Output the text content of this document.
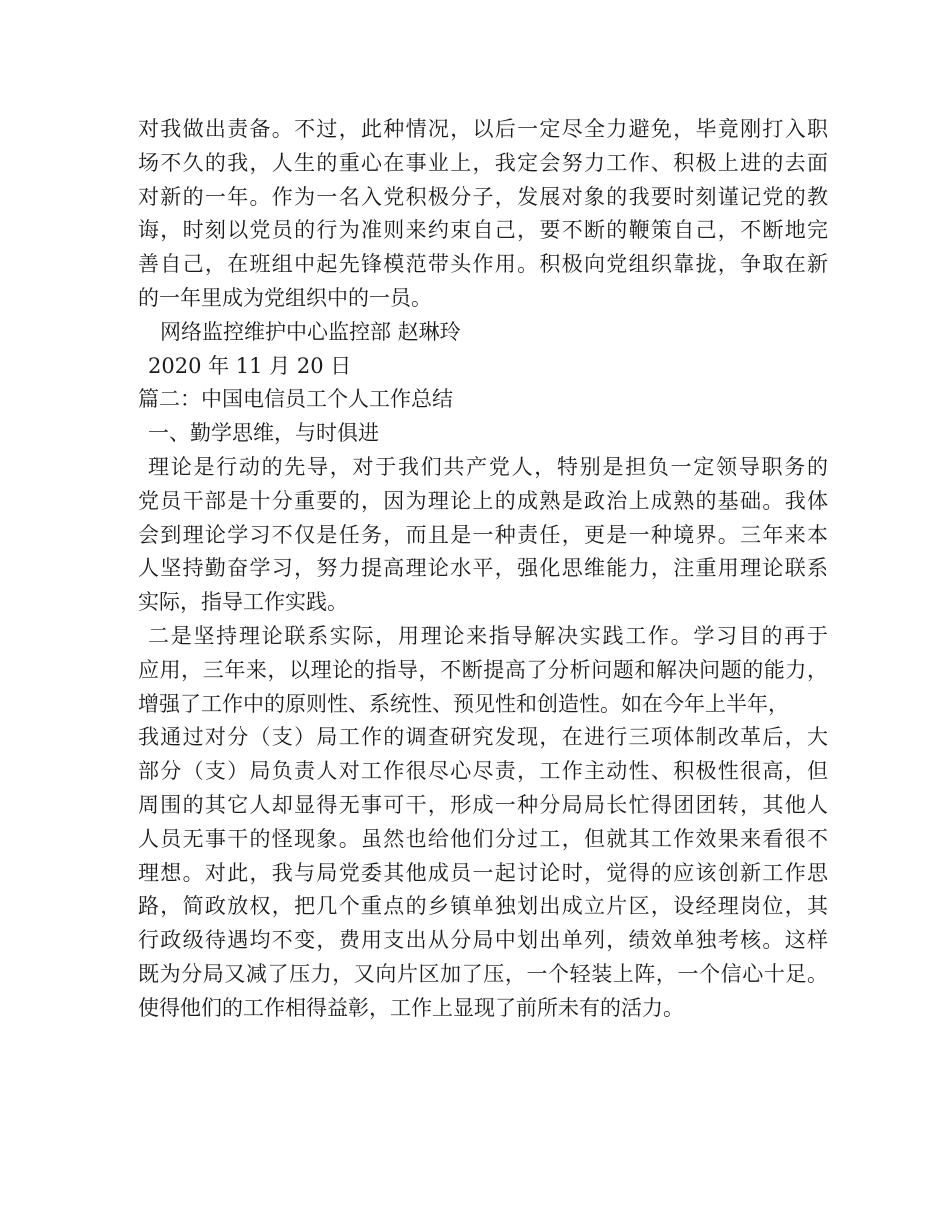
对我做出责备。不过，此种情况，以后一定尽全力避免，毕竟刚打入职
场不久的我，人生的重心在事业上，我定会努力工作、积极上进的去面
对新的一年。作为一名入党积极分子，发展对象的我要时刻谨记党的教
诲，时刻以党员的行为准则来约束自己，要不断的鞭策自己，不断地完
善自己，在班组中起先锋模范带头作用。积极向党组织靠拢，争取在新
的一年里成为党组织中的一员。
网络监控维护中心监控部 赵琳玲
2020 年 11 月 20 日
篇二：中国电信员工个人工作总结
一、勤学思维，与时俱进
理论是行动的先导，对于我们共产党人，特别是担负一定领导职务的
党员干部是十分重要的，因为理论上的成熟是政治上成熟的基础。我体
会到理论学习不仅是任务，而且是一种责任，更是一种境界。三年来本
人坚持勤奋学习，努力提高理论水平，强化思维能力，注重用理论联系
实际，指导工作实践。
二是坚持理论联系实际，用理论来指导解决实践工作。学习目的再于
应用，三年来，以理论的指导，不断提高了分析问题和解决问题的能力，
增强了工作中的原则性、系统性、预见性和创造性。如在今年上半年，
我通过对分（支）局工作的调查研究发现，在进行三项体制改革后，大
部分（支）局负责人对工作很尽心尽责，工作主动性、积极性很高，但
周围的其它人却显得无事可干，形成一种分局局长忙得团团转，其他人
人员无事干的怪现象。虽然也给他们分过工，但就其工作效果来看很不
理想。对此，我与局党委其他成员一起讨论时，觉得的应该创新工作思
路，简政放权，把几个重点的乡镇单独划出成立片区，设经理岗位，其
行政级待遇均不变，费用支出从分局中划出单列，绩效单独考核。这样
既为分局又减了压力，又向片区加了压，一个轻装上阵，一个信心十足。
使得他们的工作相得益彰，工作上显现了前所未有的活力。
